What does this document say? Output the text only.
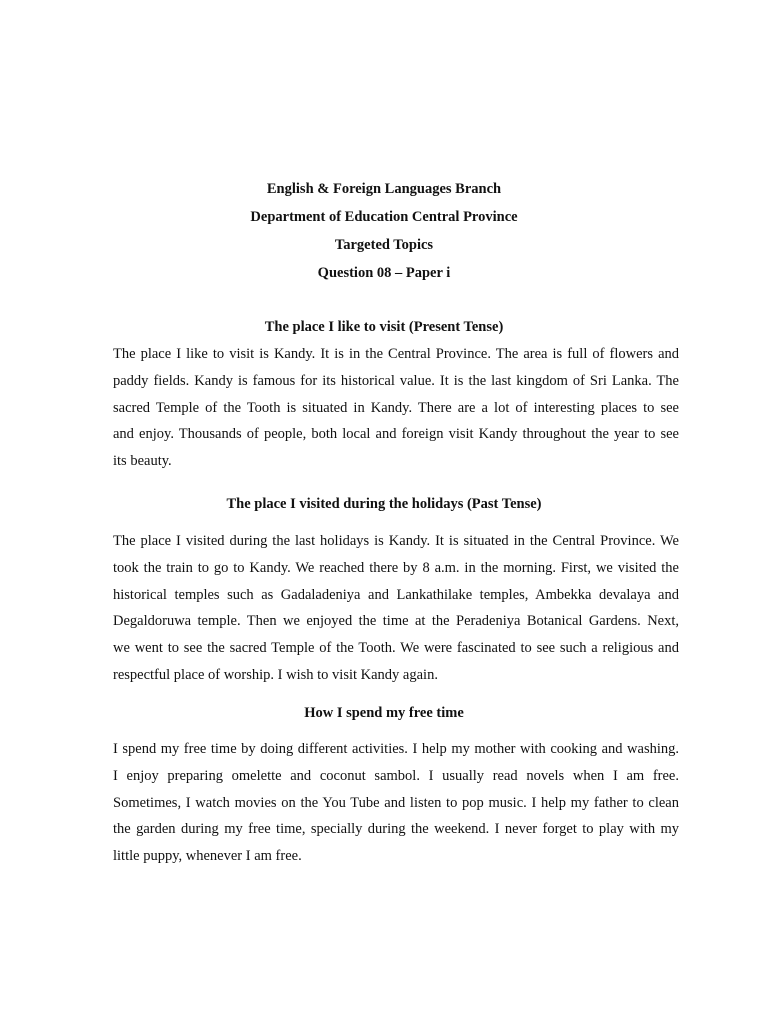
English & Foreign Languages Branch

Department of Education Central Province

Targeted Topics

Question 08 – Paper i

The place I like to visit (Present Tense)

The place I like to visit is Kandy. It is in the Central Province. The area is full of flowers and
paddy fields. Kandy is famous for its historical value. It is the last kingdom of Sri Lanka. The
sacred Temple of the Tooth is situated in Kandy. There are a lot of interesting places to see
and enjoy. Thousands of people, both local and foreign visit Kandy throughout the year to see
its beauty.

The place I visited during the holidays (Past Tense)

The place I visited during the last holidays is Kandy. It is situated in the Central Province. We
took the train to go to Kandy. We reached there by 8 a.m. in the morning. First, we visited the
historical temples such as Gadaladeniya and Lankathilake temples, Ambekka devalaya and
Degaldoruwa temple. Then we enjoyed the time at the Peradeniya Botanical Gardens. Next,
we went to see the sacred Temple of the Tooth. We were fascinated to see such a religious and
respectful place of worship. I wish to visit Kandy again.

How I spend my free time

I spend my free time by doing different activities. I help my mother with cooking and washing.
I enjoy preparing omelette and coconut sambol. I usually read novels when I am free.
Sometimes, I watch movies on the You Tube and listen to pop music. I help my father to clean
the garden during my free time, specially during the weekend. I never forget to play with my
little puppy, whenever I am free.
